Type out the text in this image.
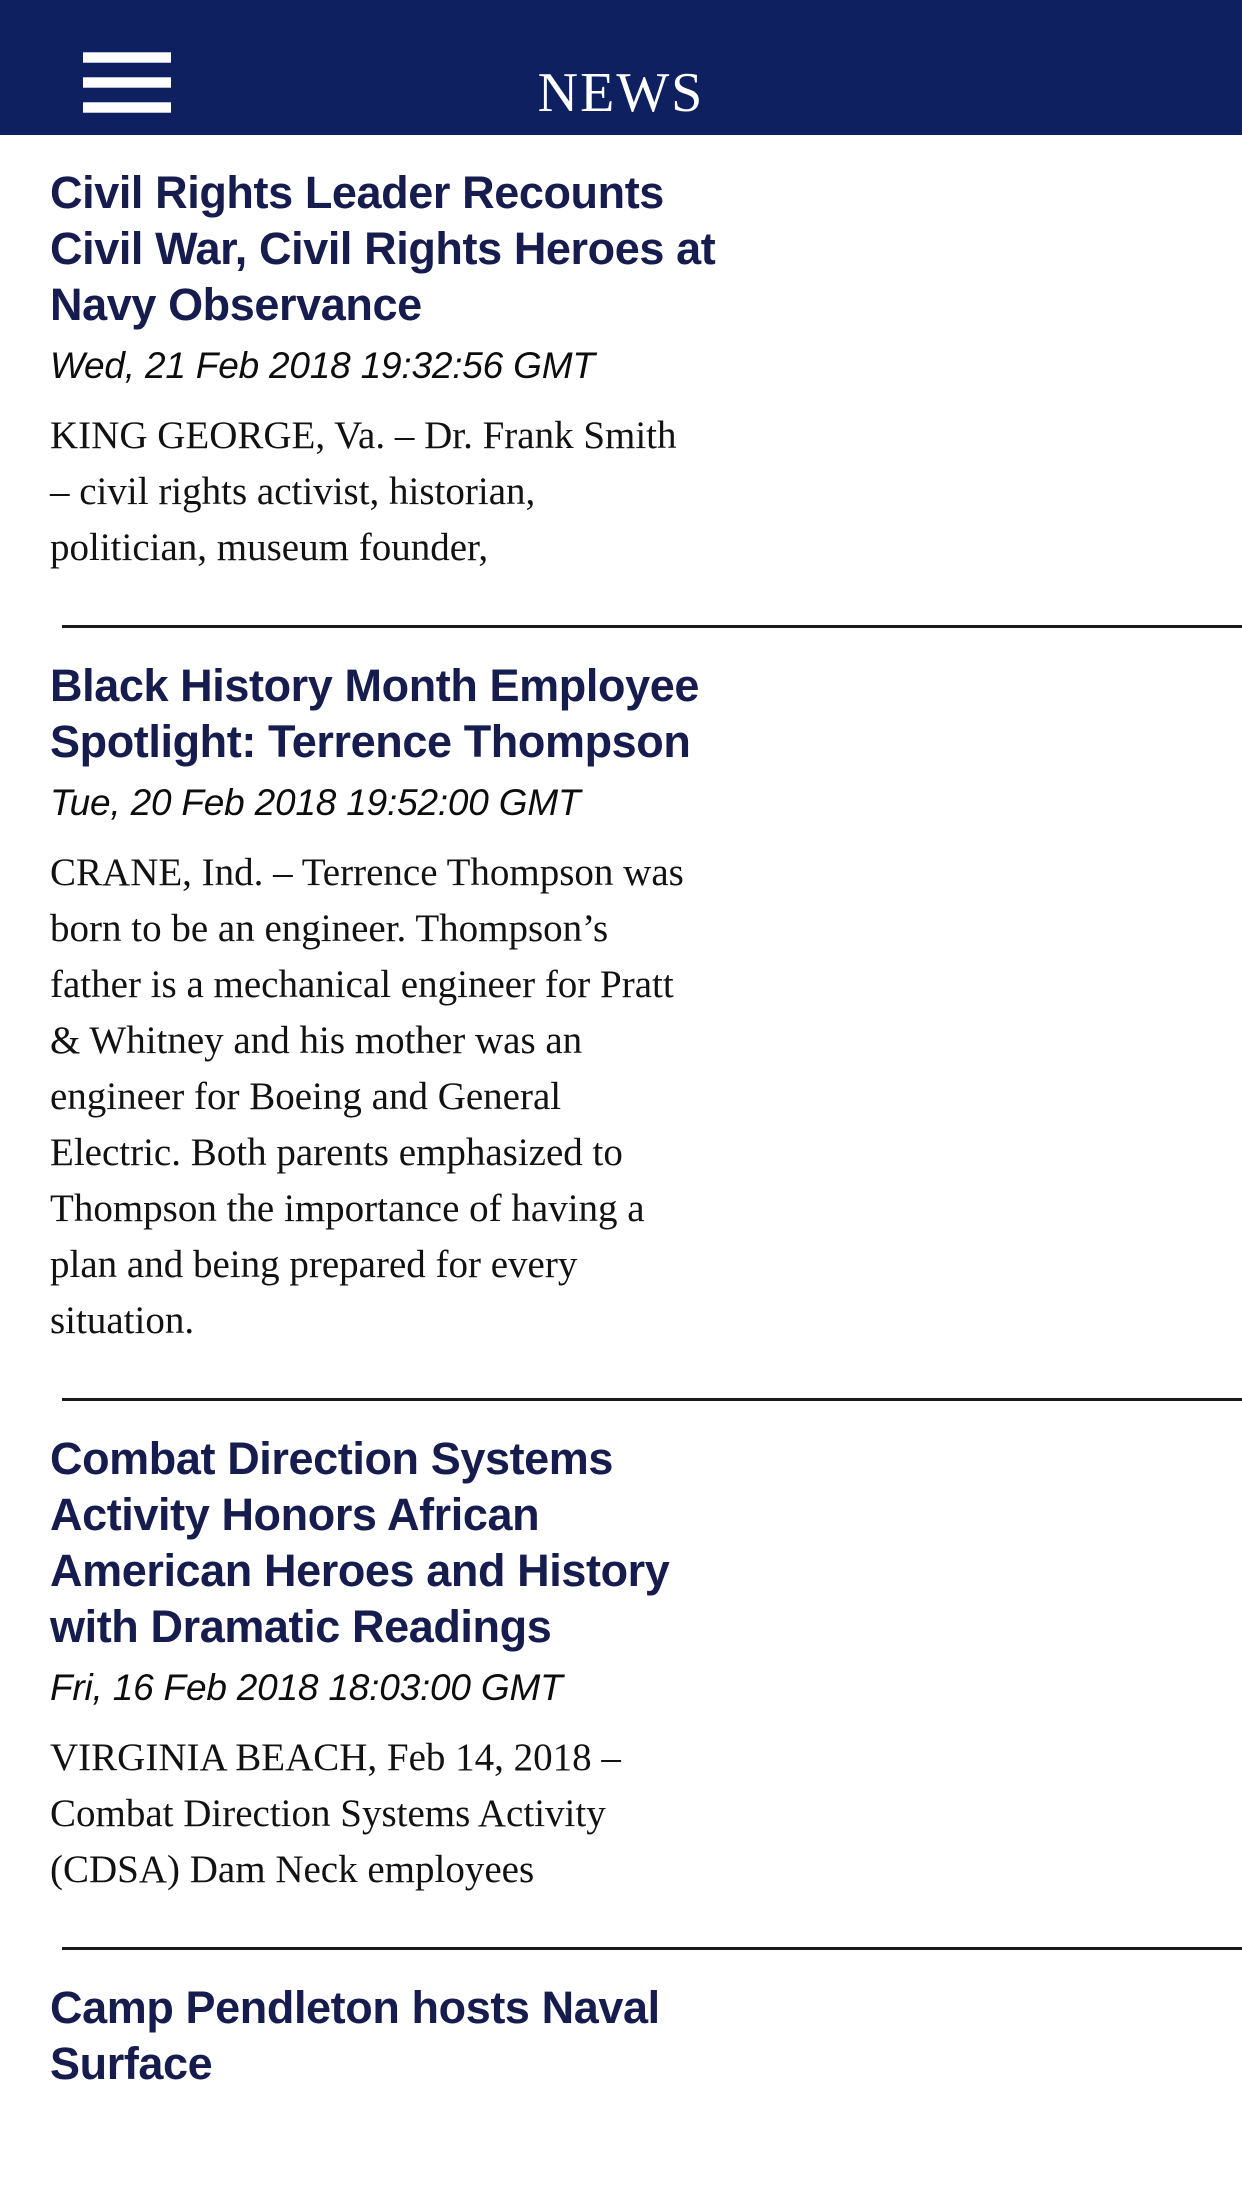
NEWS
Civil Rights Leader Recounts Civil War, Civil Rights Heroes at Navy Observance
Wed, 21 Feb 2018 19:32:56 GMT
KING GEORGE, Va. – Dr. Frank Smith – civil rights activist, historian, politician, museum founder,
Black History Month Employee Spotlight: Terrence Thompson
Tue, 20 Feb 2018 19:52:00 GMT
CRANE, Ind. – Terrence Thompson was born to be an engineer. Thompson’s father is a mechanical engineer for Pratt & Whitney and his mother was an engineer for Boeing and General Electric. Both parents emphasized to Thompson the importance of having a plan and being prepared for every situation.
Combat Direction Systems Activity Honors African American Heroes and History with Dramatic Readings
Fri, 16 Feb 2018 18:03:00 GMT
VIRGINIA BEACH, Feb 14, 2018 – Combat Direction Systems Activity (CDSA) Dam Neck employees
Camp Pendleton hosts Naval Surface
